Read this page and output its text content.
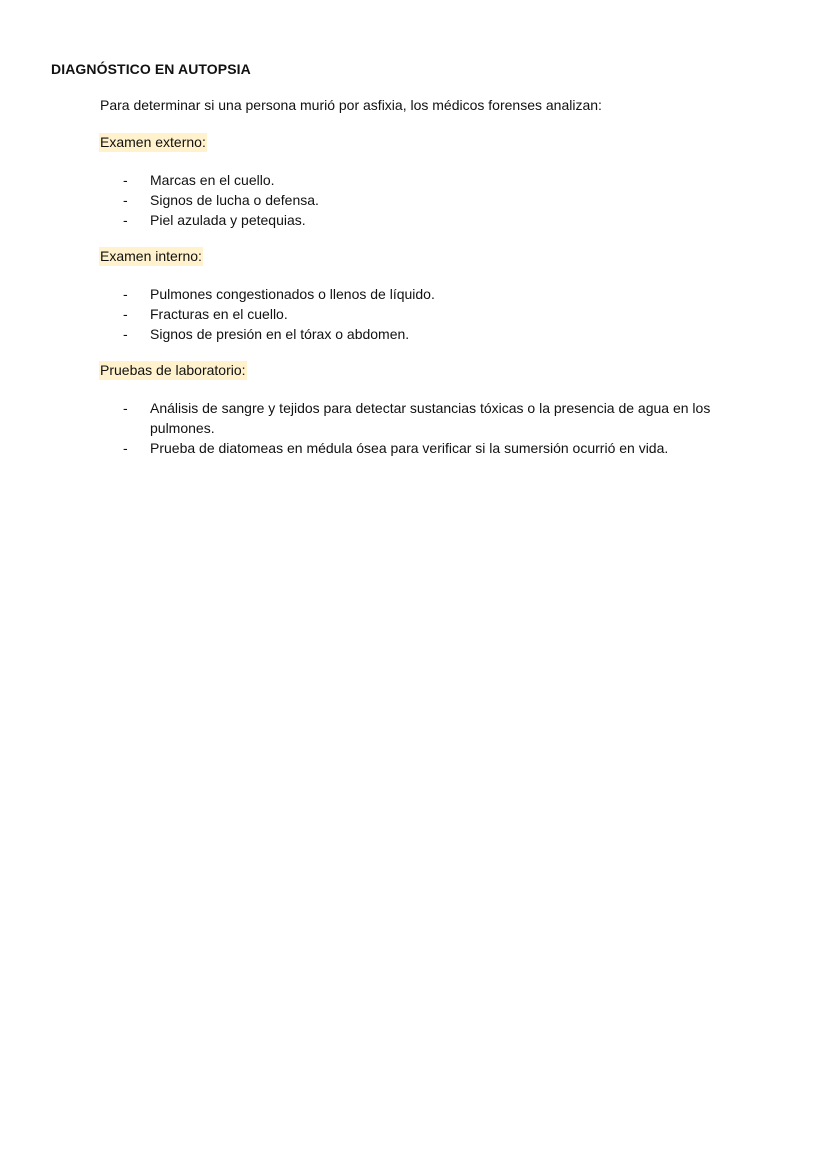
DIAGNÓSTICO EN AUTOPSIA

Para determinar si una persona murió por asfixia, los médicos forenses analizan:

Examen externo:

- Marcas en el cuello.
- Signos de lucha o defensa.
- Piel azulada y petequias.

Examen interno:

- Pulmones congestionados o llenos de líquido.
- Fracturas en el cuello.
- Signos de presión en el tórax o abdomen.

Pruebas de laboratorio:

- Análisis de sangre y tejidos para detectar sustancias tóxicas o la presencia de agua en los pulmones.
- Prueba de diatomeas en médula ósea para verificar si la sumersión ocurrió en vida.
